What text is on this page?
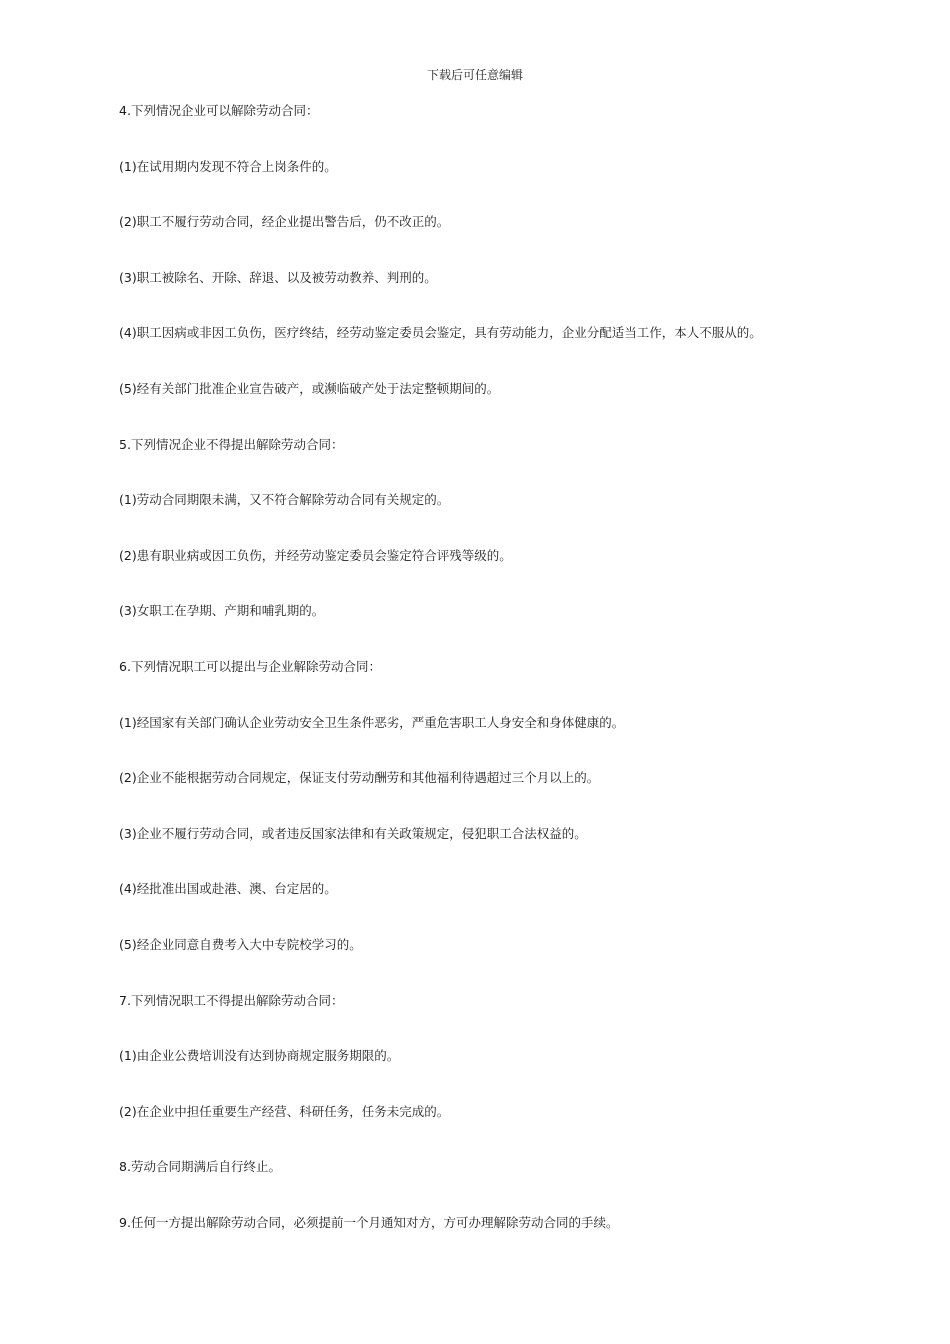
下载后可任意编辑
4.下列情况企业可以解除劳动合同：
(1)在试用期内发现不符合上岗条件的。
(2)职工不履行劳动合同，经企业提出警告后，仍不改正的。
(3)职工被除名、开除、辞退、以及被劳动教养、判刑的。
(4)职工因病或非因工负伤，医疗终结，经劳动鉴定委员会鉴定，具有劳动能力，企业分配适当工作，本人不服从的。
(5)经有关部门批准企业宣告破产，或濒临破产处于法定整顿期间的。
5.下列情况企业不得提出解除劳动合同：
(1)劳动合同期限未满，又不符合解除劳动合同有关规定的。
(2)患有职业病或因工负伤，并经劳动鉴定委员会鉴定符合评残等级的。
(3)女职工在孕期、产期和哺乳期的。
6.下列情况职工可以提出与企业解除劳动合同：
(1)经国家有关部门确认企业劳动安全卫生条件恶劣，严重危害职工人身安全和身体健康的。
(2)企业不能根据劳动合同规定，保证支付劳动酬劳和其他福利待遇超过三个月以上的。
(3)企业不履行劳动合同，或者违反国家法律和有关政策规定，侵犯职工合法权益的。
(4)经批准出国或赴港、澳、台定居的。
(5)经企业同意自费考入大中专院校学习的。
7.下列情况职工不得提出解除劳动合同：
(1)由企业公费培训没有达到协商规定服务期限的。
(2)在企业中担任重要生产经营、科研任务，任务未完成的。
8.劳动合同期满后自行终止。
9.任何一方提出解除劳动合同，必须提前一个月通知对方，方可办理解除劳动合同的手续。
